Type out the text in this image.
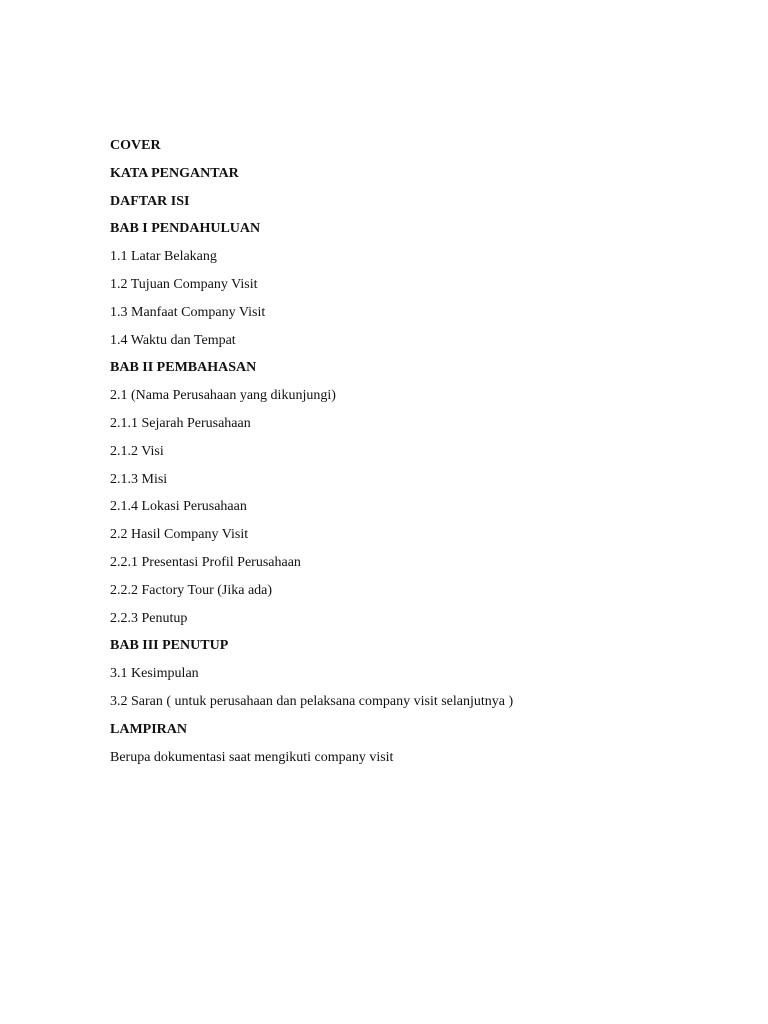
COVER
KATA PENGANTAR
DAFTAR ISI
BAB I PENDAHULUAN
1.1 Latar Belakang
1.2 Tujuan Company Visit
1.3 Manfaat Company Visit
1.4 Waktu dan Tempat
BAB II PEMBAHASAN
2.1 (Nama Perusahaan yang dikunjungi)
2.1.1 Sejarah Perusahaan
2.1.2 Visi
2.1.3 Misi
2.1.4 Lokasi Perusahaan
2.2 Hasil Company Visit
2.2.1 Presentasi Profil Perusahaan
2.2.2 Factory Tour (Jika ada)
2.2.3 Penutup
BAB III PENUTUP
3.1 Kesimpulan
3.2 Saran ( untuk perusahaan dan pelaksana company visit selanjutnya )
LAMPIRAN
Berupa dokumentasi saat mengikuti company visit
